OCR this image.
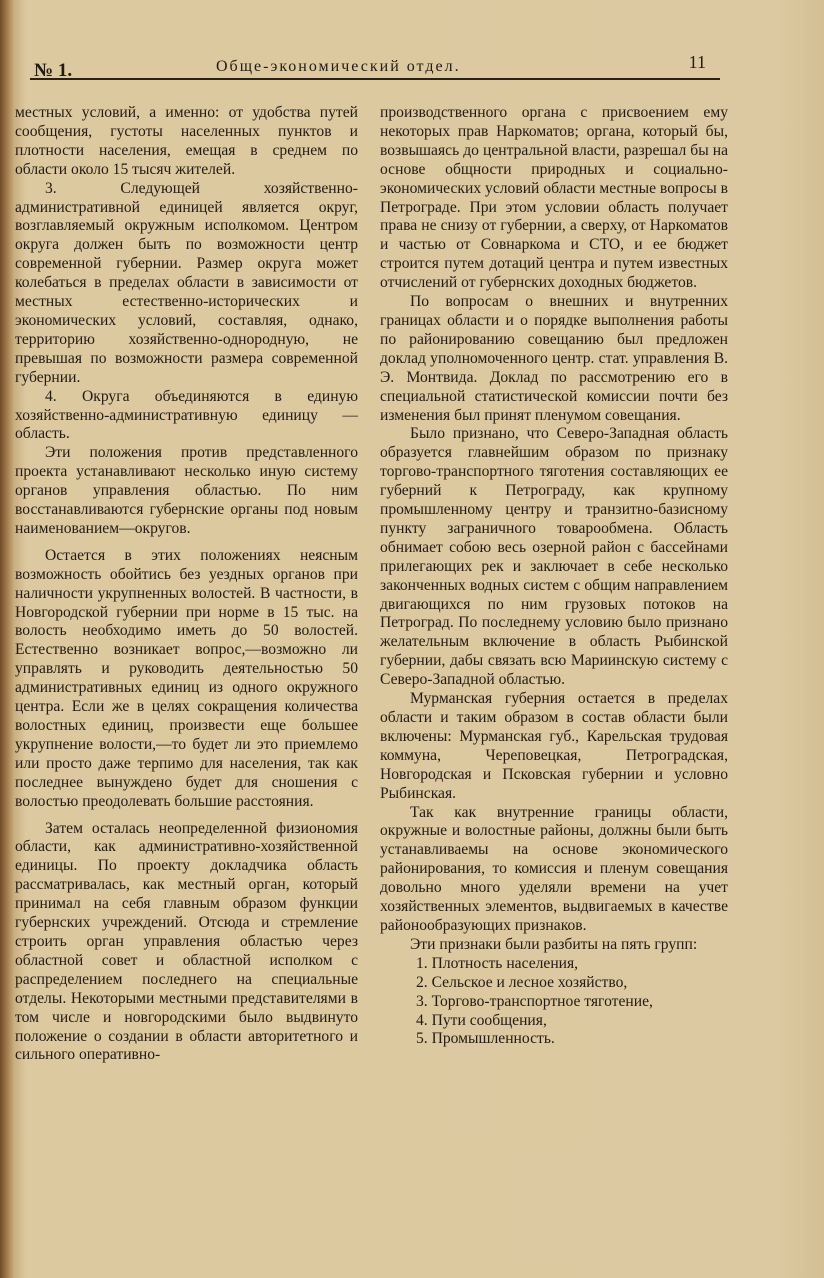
№ 1.	Обще-экономический отдел.	11

местных условий, а именно: от удобства путей сообщения, густоты населенных пунктов и плотности населения, емещая в среднем по области около 15 тысяч жителей.

3. Следующей хозяйственно-административной единицей является округ, возглавляемый окружным исполкомом. Центром округа должен быть по возможности центр современной губернии. Размер округа может колебаться в пределах области в зависимости от местных естественно-исторических и экономических условий, составляя, однако, территорию хозяйственно-однородную, не превышая по возможности размера современной губернии.

4. Округа объединяются в единую хозяйственно-административную единицу —область.

Эти положения против представленного проекта устанавливают несколько иную систему органов управления областью. По ним восстанавливаются губернские органы под новым наименованием—округов.

Остается в этих положениях неясным возможность обойтись без уездных органов при наличности укрупненных волостей. В частности, в Новгородской губернии при норме в 15 тыс. на волость необходимо иметь до 50 волостей. Естественно возникает вопрос,—возможно ли управлять и руководить деятельностью 50 административных единиц из одного окружного центра. Если же в целях сокращения количества волостных единиц, произвести еще большее укрупнение волости,—то будет ли это приемлемо или просто даже терпимо для населения, так как последнее вынуждено будет для сношения с волостью преодолевать большие расстояния.

Затем осталась неопределенной физиономия области, как административно-хозяйственной единицы. По проекту докладчика область рассматривалась, как местный орган, который принимал на себя главным образом функции губернских учреждений. Отсюда и стремление строить орган управления областью через областной совет и областной исполком с распределением последнего на специальные отделы. Некоторыми местными представителями в том числе и новгородскими было выдвинуто положение о создании в области авторитетного и сильного оперативно-

производственного органа с присвоением ему некоторых прав Наркоматов; органа, который бы, возвышаясь до центральной власти, разрешал бы на основе общности природных и социально-экономических условий области местные вопросы в Петрограде. При этом условии область получает права не снизу от губернии, а сверху, от Наркоматов и частью от Совнаркома и СТО, и ее бюджет строится путем дотаций центра и путем известных отчислений от губернских доходных бюджетов.

По вопросам о внешних и внутренних границах области и о порядке выполнения работы по районированию совещанию был предложен доклад уполномоченного центр. стат. управления В. Э. Монтвида. Доклад по рассмотрению его в специальной статистической комиссии почти без изменения был принят пленумом совещания.

Было признано, что Северо-Западная область образуется главнейшим образом по признаку торгово-транспортного тяготения составляющих ее губерний к Петрограду, как крупному промышленному центру и транзитно-базисному пункту заграничного товарообмена. Область обнимает собою весь озерной район с бассейнами прилегающих рек и заключает в себе несколько законченных водных систем с общим направлением двигающихся по ним грузовых потоков на Петроград. По последнему условию было признано желательным включение в область Рыбинской губернии, дабы связать всю Мариинскую систему с Северо-Западной областью.

Мурманская губерния остается в пределах области и таким образом в состав области были включены: Мурманская губ., Карельская трудовая коммуна, Череповецкая, Петроградская, Новгородская и Псковская губернии и условно Рыбинская.

Так как внутренние границы области, окружные и волостные районы, должны были быть устанавливаемы на основе экономического районирования, то комиссия и пленум совещания довольно много уделяли времени на учет хозяйственных элементов, выдвигаемых в качестве районообразующих признаков.

Эти признаки были разбиты на пять групп:

1. Плотность населения,
2. Сельское и лесное хозяйство,
3. Торгово-транспортное тяготение,
4. Пути сообщения,
5. Промышленность.
